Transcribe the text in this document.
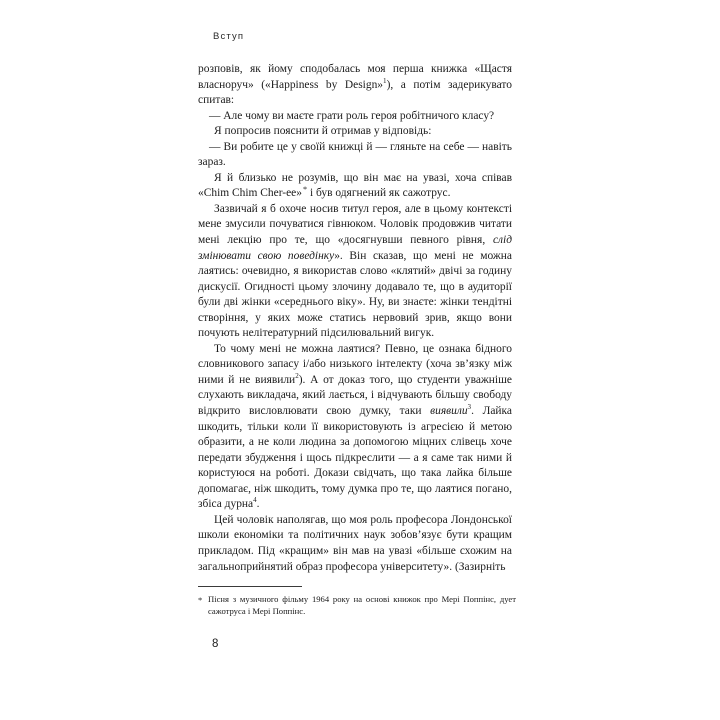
Вступ

розповів, як йому сподобалась моя перша книжка «Щастя власноруч» («Happiness by Design»$^1$), а потім задерикувато спитав:

— Але чому ви маєте грати роль героя робітничого класу?

Я попросив пояснити й отримав у відповідь:

— Ви робите це у своїй книжці й — гляньте на себе — навіть зараз.

Я й близько не розумів, що він має на увазі, хоча співав «Chim Chim Cher-ee»* і був одягнений як сажотрус.

Зазвичай я б охоче носив титул героя, але в цьому контексті мене змусили почуватися гівнюком. Чоловік продовжив читати мені лекцію про те, що «досягнувши певного рівня, слід змінювати свою поведінку». Він сказав, що мені не можна лаятись: очевидно, я використав слово «клятий» двічі за годину дискусії. Огидності цьому злочину додавало те, що в аудиторії були дві жінки «середнього віку». Ну, ви знаєте: жінки тендітні створіння, у яких може статись нервовий зрив, якщо вони почують нелітературний підсилювальний вигук.

То чому мені не можна лаятися? Певно, це ознака бідного словникового запасу і/або низького інтелекту (хоча зв’язку між ними й не виявили$^2$). А от доказ того, що студенти уважніше слухають викладача, який лається, і відчувають більшу свободу відкрито висловлювати свою думку, таки виявили$^3$. Лайка шкодить, тільки коли її використовують із агресією й метою образити, а не коли людина за допомогою міцних слівець хоче передати збудження і щось підкреслити — а я саме так ними й користуюся на роботі. Докази свідчать, що така лайка більше допомагає, ніж шкодить, тому думка про те, що лаятися погано, збіса дурна$^4$.

Цей чоловік наполягав, що моя роль професора Лондонської школи економіки та політичних наук зобов’язує бути кращим прикладом. Під «кращим» він мав на увазі «більше схожим на загальноприйнятий образ професора університету». (Зазирніть

* Пісня з музичного фільму 1964 року на основі книжок про Мері Поппінс, дует сажотруса і Мері Поппінс.

8
